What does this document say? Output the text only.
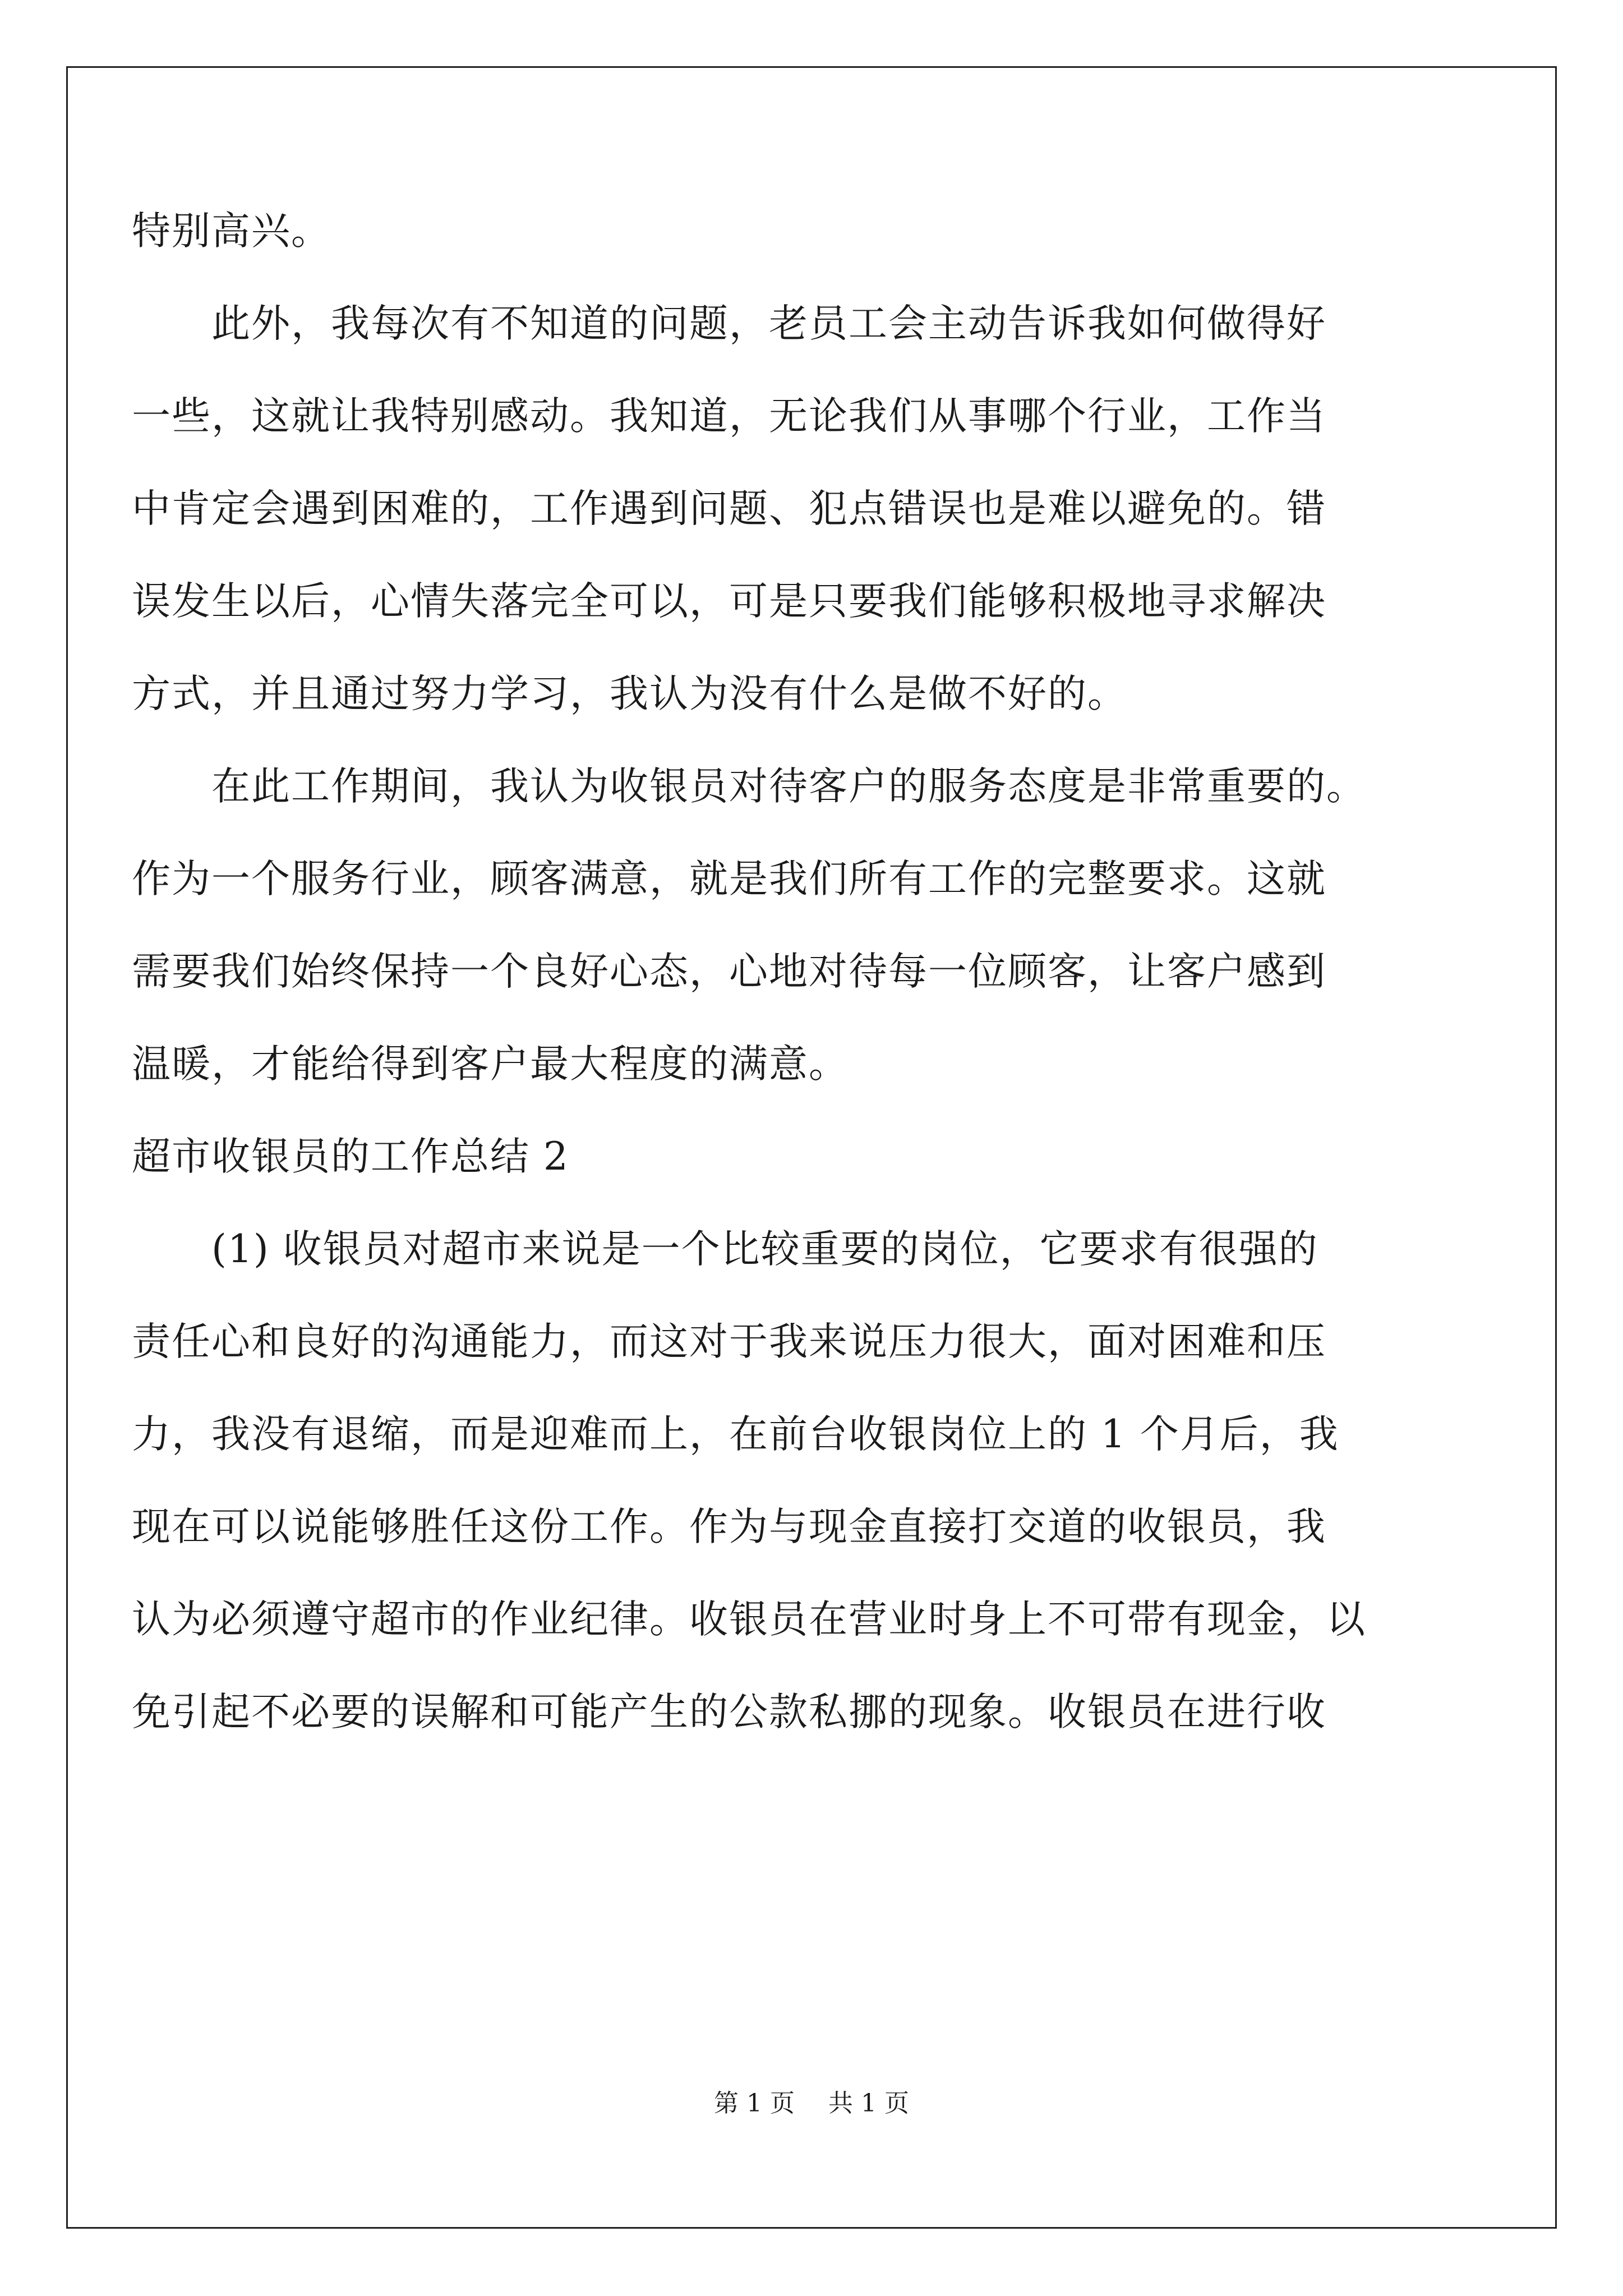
特别高兴。
　　此外，我每次有不知道的问题，老员工会主动告诉我如何做得好
一些，这就让我特别感动。我知道，无论我们从事哪个行业，工作当
中肯定会遇到困难的，工作遇到问题、犯点错误也是难以避免的。错
误发生以后，心情失落完全可以，可是只要我们能够积极地寻求解决
方式，并且通过努力学习，我认为没有什么是做不好的。
　　在此工作期间，我认为收银员对待客户的服务态度是非常重要的。
作为一个服务行业，顾客满意，就是我们所有工作的完整要求。这就
需要我们始终保持一个良好心态，心地对待每一位顾客，让客户感到
温暖，才能给得到客户最大程度的满意。
超市收银员的工作总结 2
　　(1) 收银员对超市来说是一个比较重要的岗位，它要求有很强的
责任心和良好的沟通能力，而这对于我来说压力很大，面对困难和压
力，我没有退缩，而是迎难而上，在前台收银岗位上的 1 个月后，我
现在可以说能够胜任这份工作。作为与现金直接打交道的收银员，我
认为必须遵守超市的作业纪律。收银员在营业时身上不可带有现金，以
免引起不必要的误解和可能产生的公款私挪的现象。收银员在进行收
第 1 页 共 1 页
